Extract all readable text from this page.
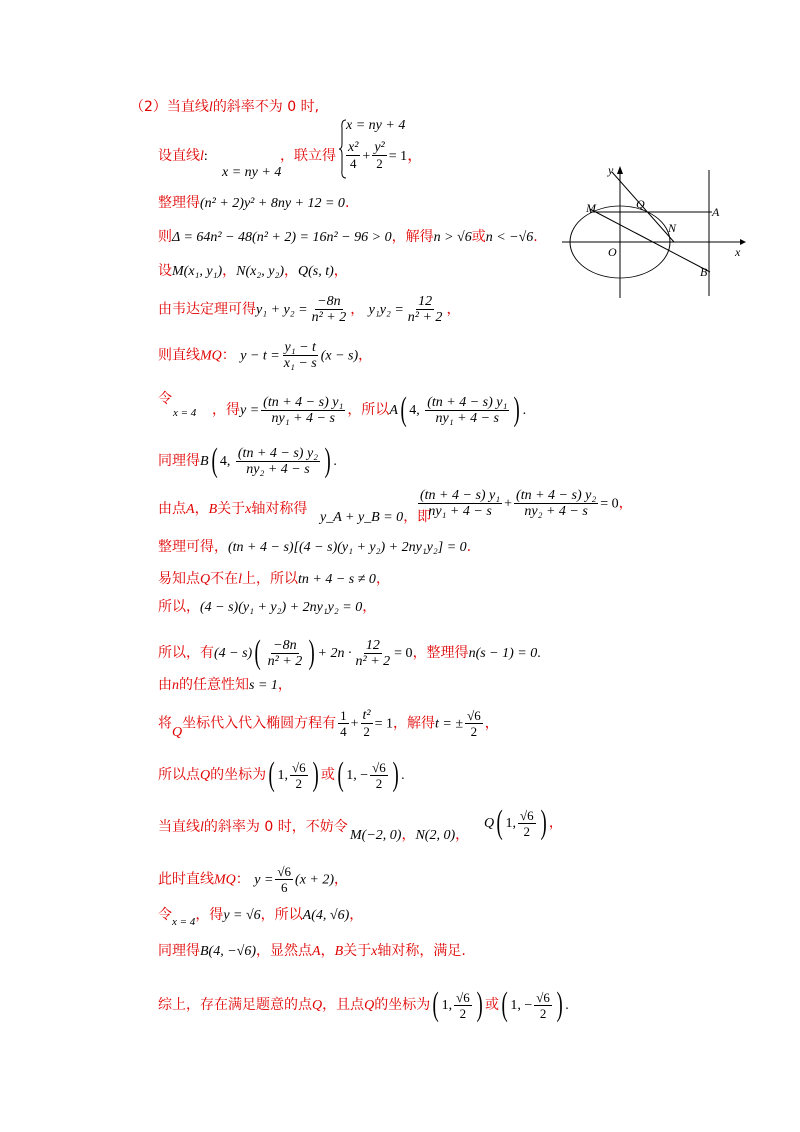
（2）当直线l的斜率不为 0 时,
设直线l:
x = ny + 4
，联立得
x = ny + 4
$\frac{\text{x²}}{4} + \frac{\text{y²}}{2} = 1$，
整理得(n² + 2)y² + 8ny + 12 = 0.
则Δ = 64n² − 48(n² + 2) = 16n² − 96 > 0，解得n > √6或n < −√6.
设M(x₁, y₁)，N(x₂, y₂)，Q(s, t)，
由韦达定理可得$y_1 + y_2 = \frac{-8n}{\text{n² + 2}}$ ， $y_1y_2 = \frac{12}{\text{n² + 2}}$ ，
则直线MQ： $y - t = \frac{\text{y₁ − t}}{\text{x₁ − s}} (x - s)$，
令
x = 4 ，得$y = \frac{\text{(tn + 4 − s) y₁}}{\text{ny₁ + 4 − s}}$ ，所以A( 4, $\frac{\text{(tn + 4 − s) y₁}}{\text{ny₁ + 4 − s}}$ ) .
同理得B( 4, $\frac{\text{(tn + 4 − s) y₂}}{\text{ny₂ + 4 − s}}$ ) .
由点A，B关于x轴对称得
y_A + y_B = 0，即
$\frac{\text{(tn + 4 − s) y₁}}{\text{ny₁ + 4 − s}} + \frac{\text{(tn + 4 − s) y₂}}{\text{ny₂ + 4 − s}} = 0$，
整理可得，(tn + 4 − s)[(4 − s)(y₁ + y₂) + 2ny₁y₂] = 0.
易知点Q不在l上，所以tn + 4 − s ≠ 0，
所以，(4 − s)(y₁ + y₂) + 2ny₁y₂ = 0，
所以，有$(4 - s)( \frac{-8n}{\text{n² + 2}}$ ) + $2n \cdot \frac{12}{\text{n² + 2}} = 0$，整理得n(s − 1) = 0.
由n的任意性知s = 1，
将Q坐标代入代入椭圆方程有 $\frac{1}{4} + \frac{\text{t²}}{2} = 1$，解得t = ± $\frac{√6}{2}$ ，
所以点Q的坐标为( 1, $\frac{√6}{2}$ ) 或( 1, − $\frac{√6}{2}$ ) .
当直线l的斜率为 0 时，不妨令
M(−2, 0)，N(2, 0)，
Q( 1, $\frac{√6}{2}$ ) ，
此时直线MQ： $y = \frac{√6}{6} (x + 2)$，
令$_{x = 4}$，得y = √6，所以A(4, √6)，
同理得B(4, −√6)，显然点A，B关于x轴对称，满足.
综上，存在满足题意的点Q，且点Q的坐标为( 1, $\frac{√6}{2}$ ) 或( 1, − $\frac{√6}{2}$ ) .
y
x
O
M	Q
N
A
B
